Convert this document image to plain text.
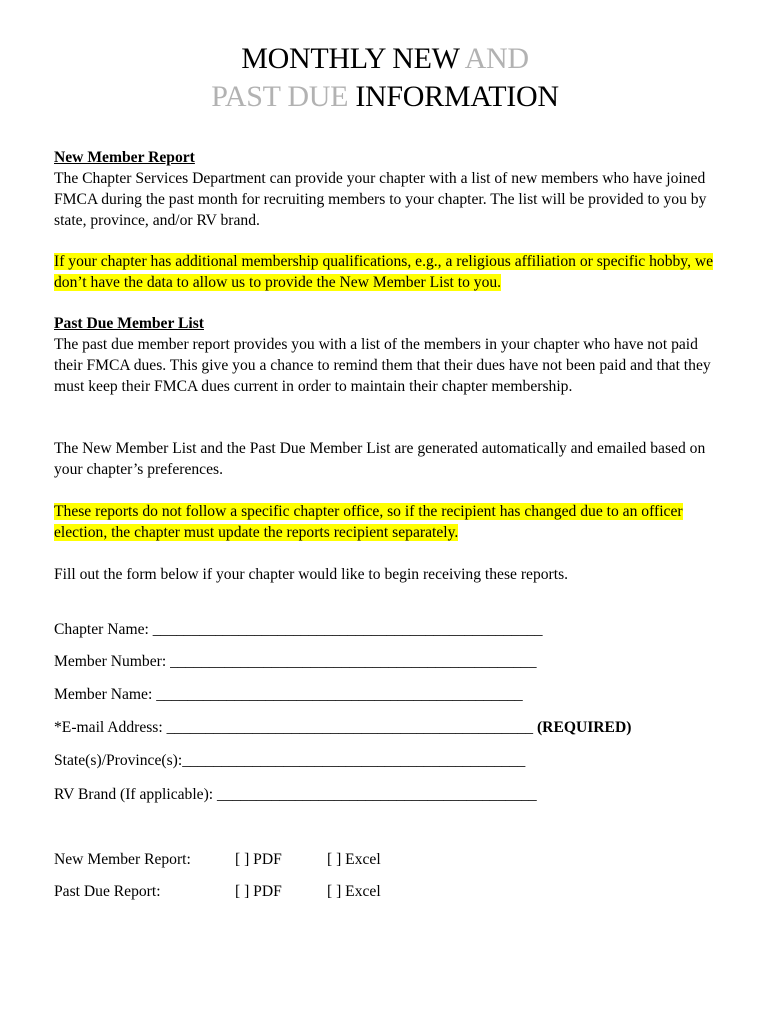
MONTHLY NEW AND
PAST DUE INFORMATION
New Member Report
The Chapter Services Department can provide your chapter with a list of new members who have joined FMCA during the past month for recruiting members to your chapter. The list will be provided to you by state, province, and/or RV brand.
If your chapter has additional membership qualifications, e.g., a religious affiliation or specific hobby, we don’t have the data to allow us to provide the New Member List to you.
Past Due Member List
The past due member report provides you with a list of the members in your chapter who have not paid their FMCA dues. This give you a chance to remind them that their dues have not been paid and that they must keep their FMCA dues current in order to maintain their chapter membership.
The New Member List and the Past Due Member List are generated automatically and emailed based on your chapter’s preferences.
These reports do not follow a specific chapter office, so if the recipient has changed due to an officer election, the chapter must update the reports recipient separately.
Fill out the form below if your chapter would like to begin receiving these reports.
Chapter Name: __________________________________________________
Member Number: _______________________________________________
Member Name: _______________________________________________
*E-mail Address: _______________________________________________ (REQUIRED)
State(s)/Province(s):____________________________________________
RV Brand (If applicable): _________________________________________
New Member Report:	[ ] PDF	[ ] Excel
Past Due Report:	[ ] PDF	[ ] Excel
